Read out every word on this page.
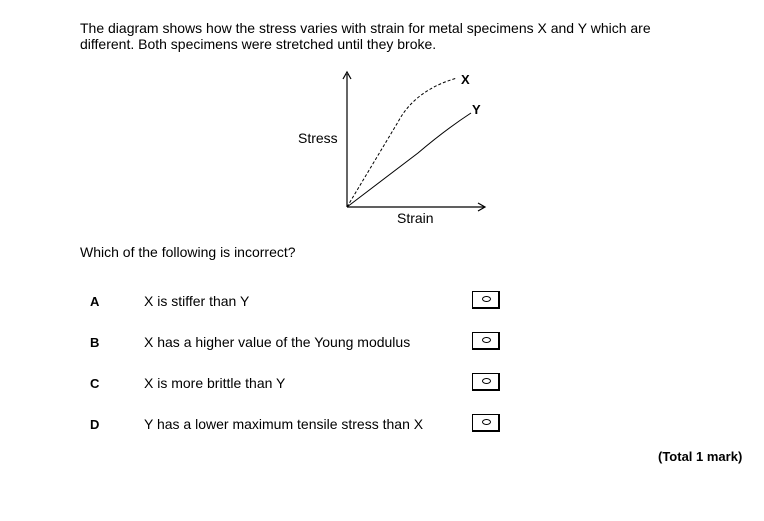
The diagram shows how the stress varies with strain for metal specimens X and Y which are
different. Both specimens were stretched until they broke.

Stress
Strain
X
Y

Which of the following is incorrect?

A	X is stiffer than Y
B	X has a higher value of the Young modulus
C	X is more brittle than Y
D	Y has a lower maximum tensile stress than X
(Total 1 mark)
